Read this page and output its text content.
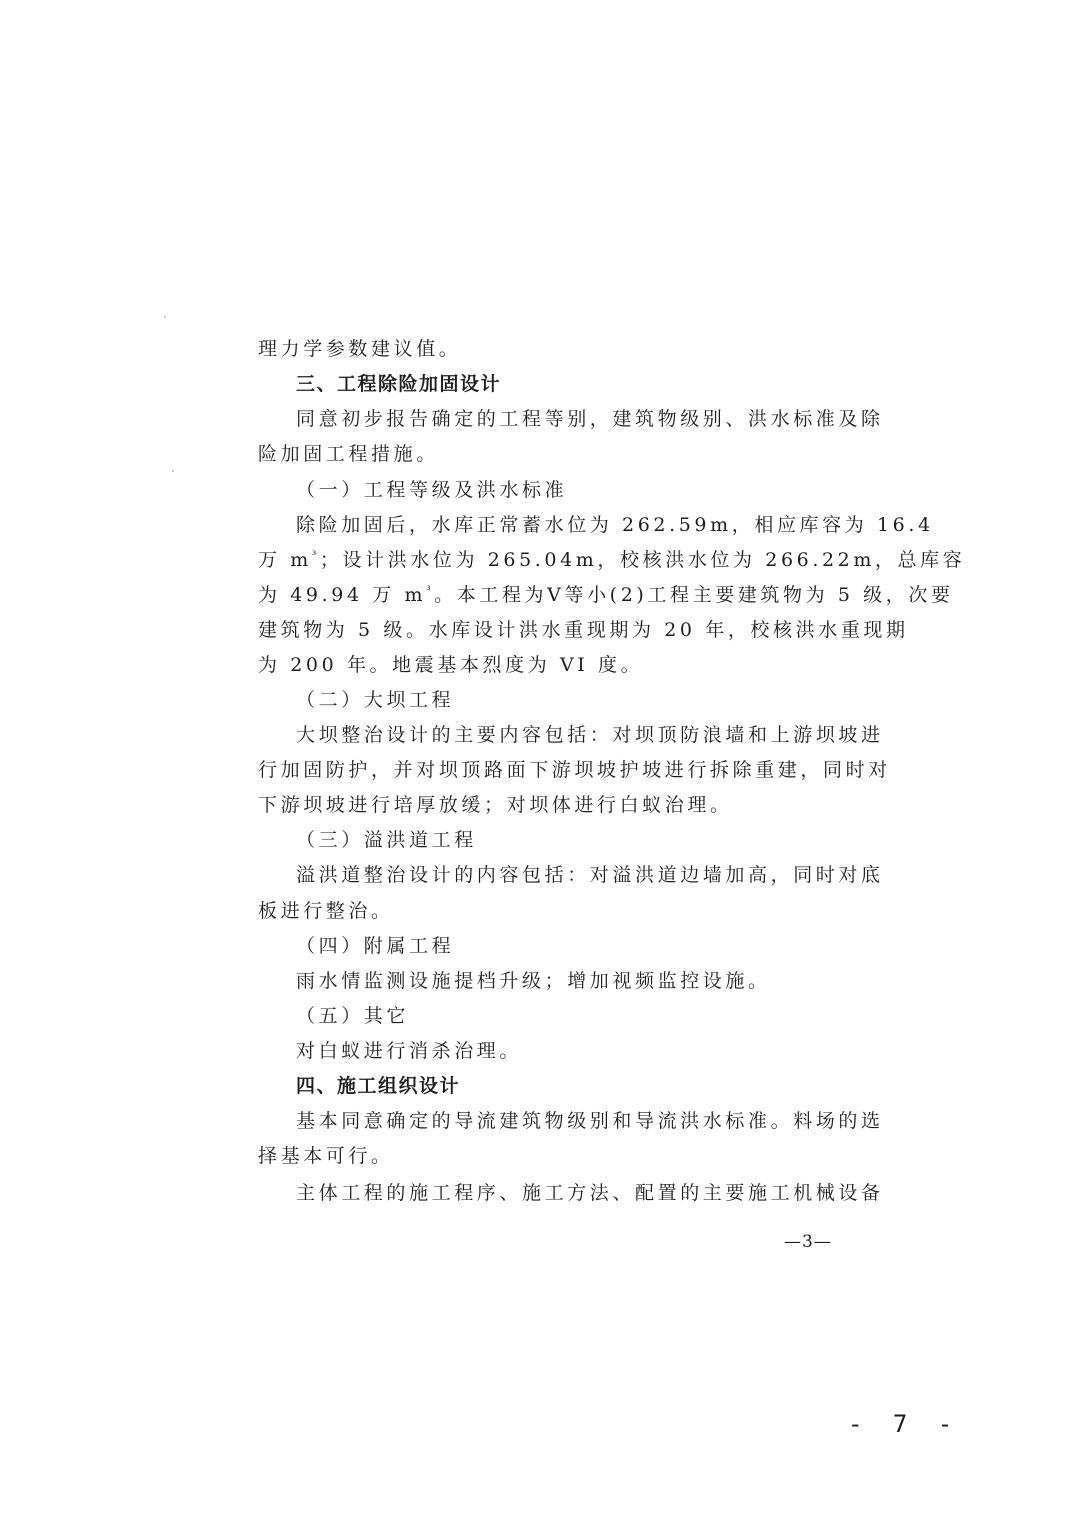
理力学参数建议值。
三、工程除险加固设计
同意初步报告确定的工程等别，建筑物级别、洪水标准及除
险加固工程措施。
（一）工程等级及洪水标准
除险加固后，水库正常蓄水位为 262.59m，相应库容为 16.4
万 $m^{^3}$；设计洪水位为 265.04m，校核洪水位为 266.22m，总库容
为 49.94 万 $m^{^3}$。本工程为Ⅴ等小(2)工程主要建筑物为 5 级，次要
建筑物为 5 级。水库设计洪水重现期为 20 年，校核洪水重现期
为 200 年。地震基本烈度为 VI 度。
（二）大坝工程
大坝整治设计的主要内容包括：对坝顶防浪墙和上游坝坡进
行加固防护，并对坝顶路面下游坝坡护坡进行拆除重建，同时对
下游坝坡进行培厚放缓；对坝体进行白蚁治理。
（三）溢洪道工程
溢洪道整治设计的内容包括：对溢洪道边墙加高，同时对底
板进行整治。
（四）附属工程
雨水情监测设施提档升级；增加视频监控设施。
（五）其它
对白蚁进行消杀治理。
四、施工组织设计
基本同意确定的导流建筑物级别和导流洪水标准。料场的选
择基本可行。
主体工程的施工程序、施工方法、配置的主要施工机械设备
—3—
- 7 -
